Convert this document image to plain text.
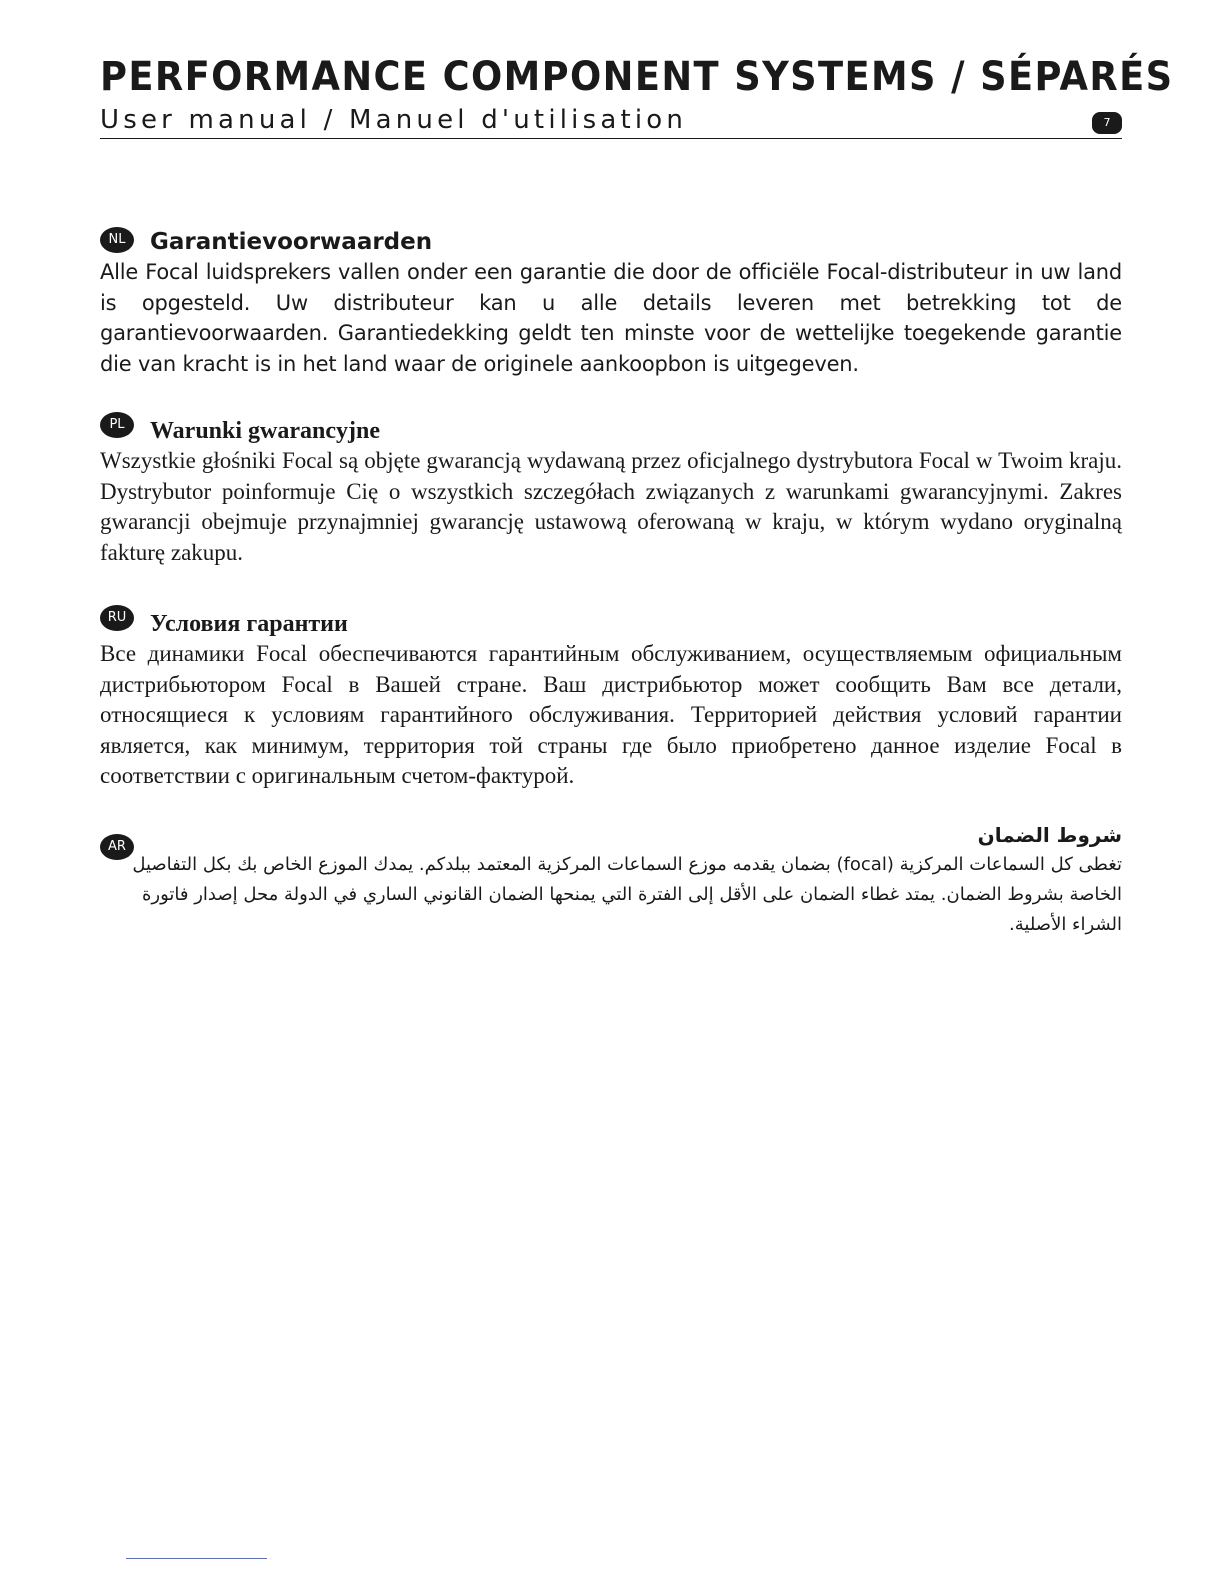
PERFORMANCE COMPONENT SYSTEMS / SÉPARÉS
User manual / Manuel d'utilisation	7
NL	Garantievoorwaarden
Alle Focal luidsprekers vallen onder een garantie die door de officiële Focal-distributeur in uw land is opgesteld. Uw distributeur kan u alle details leveren met betrekking tot de garantievoorwaarden. Garantiedekking geldt ten minste voor de wettelijke toegekende garantie die van kracht is in het land waar de originele aankoopbon is uitgegeven.
PL	Warunki gwarancyjne
Wszystkie głośniki Focal są objęte gwarancją wydawaną przez oficjalnego dystrybutora Focal w Twoim kraju. Dystrybutor poinformuje Cię o wszystkich szczegółach związanych z warunkami gwarancyjnymi. Zakres gwarancji obejmuje przynajmniej gwarancję ustawową oferowaną w kraju, w którym wydano oryginalną fakturę zakupu.
RU Условия гарантии
Все динамики Focal обеспечиваются гарантийным обслуживанием, осуществляемым официальным дистрибьютором Focal в Вашей стране. Ваш дистрибьютор может сообщить Вам все детали, относящиеся к условиям гарантийного обслуживания. Территорией действия условий гарантии является, как минимум, территория той страны где было приобретено данное изделие Focal в соответствии с оригинальным счетом-фактурой.
AR	شروط الضمان
تغطى كل السماعات المركزية (focal) بضمان يقدمه موزع السماعات المركزية المعتمد ببلدكم. يمدك الموزع الخاص بك بكل التفاصيل الخاصة بشروط الضمان. يمتد غطاء الضمان على الأقل إلى الفترة التي يمنحها الضمان القانوني الساري في الدولة محل إصدار فاتورة الشراء الأصلية.
